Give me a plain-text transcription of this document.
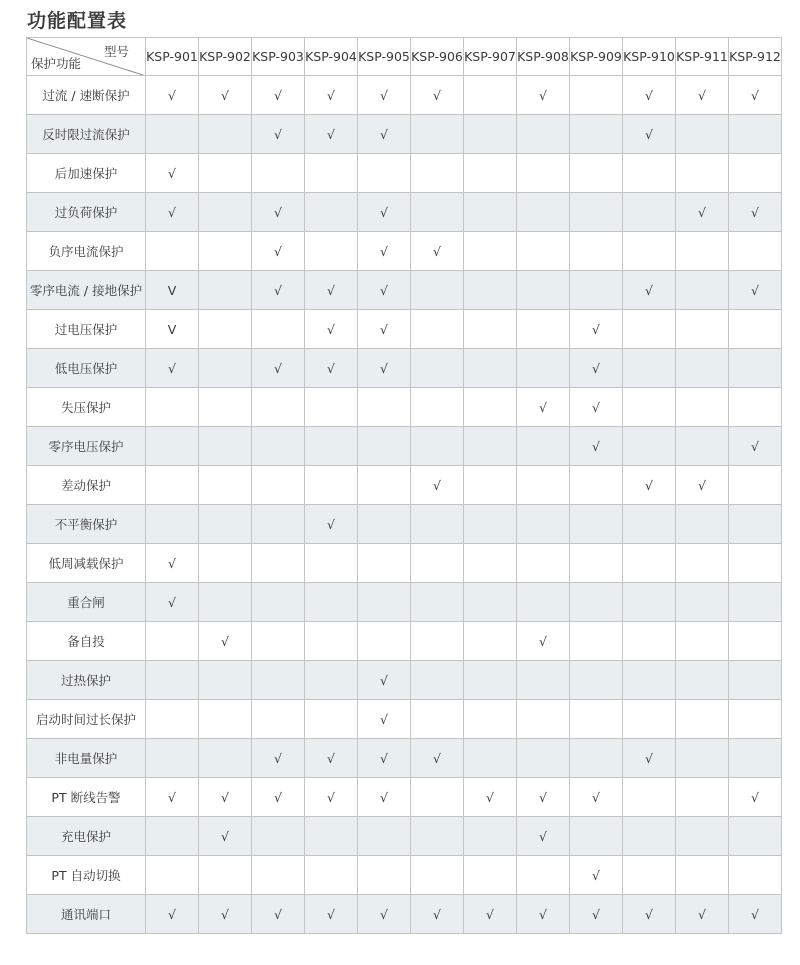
功能配置表
型号
保护功能	KSP-901	KSP-902	KSP-903	KSP-904	KSP-905	KSP-906	KSP-907	KSP-908	KSP-909	KSP-910	KSP-911	KSP-912
过流 / 速断保护	√	√	√	√	√	√		√		√	√	√
反时限过流保护			√	√	√					√		
后加速保护	√											
过负荷保护	√		√		√						√	√
负序电流保护			√		√	√						
零序电流 / 接地保护	V		√	√	√					√		√
过电压保护	V			√	√				√			
低电压保护	√		√	√	√				√			
失压保护								√	√			
零序电压保护									√			√
差动保护						√				√	√	
不平衡保护				√								
低周减载保护	√											
重合闸	√											
备自投		√						√				
过热保护					√							
启动时间过长保护					√							
非电量保护			√	√	√	√				√		
PT 断线告警	√	√	√	√	√		√	√	√			√
充电保护		√						√				
PT 自动切换									√			
通讯端口	√	√	√	√	√	√	√	√	√	√	√	√
